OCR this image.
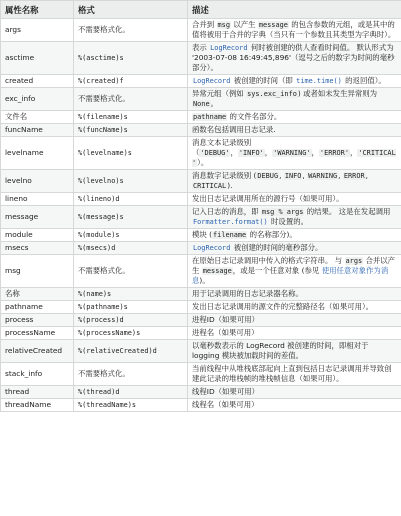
属性名称	格式	描述
args	不需要格式化。	合并到 msg 以产生 message 的包含参数的元组，或是其中的值将被用于合并的字典（当只有一个参数且其类型为字典时）。
asctime	%(asctime)s	表示 LogRecord 何时被创建的供人查看时间值。 默认形式为 '2003-07-08 16:49:45,896'（逗号之后的数字为时间的毫秒部分）。
created	%(created)f	LogRecord 被创建的时间（即 time.time() 的返回值）。
exc_info	不需要格式化。	异常元组（例如 sys.exc_info) 或者如未发生异常则为 None。
文件名	%(filename)s	pathname 的文件名部分。
funcName	%(funcName)s	函数名包括调用日志记录.
levelname	%(levelname)s	消息文本记录级别（'DEBUG'，'INFO'，'WARNING'，'ERROR'，'CRITICAL'）。
levelno	%(levelno)s	消息数字记录级别 (DEBUG, INFO, WARNING, ERROR, CRITICAL).
lineno	%(lineno)d	发出日志记录调用所在的源行号（如果可用）。
message	%(message)s	记入日志的消息，即 msg % args 的结果。 这是在发起调用 Formatter.format() 时设置的。
module	%(module)s	模块 (filename 的名称部分)。
msecs	%(msecs)d	LogRecord 被创建的时间的毫秒部分。
msg	不需要格式化。	在原始日志记录调用中传入的格式字符串。 与 args 合并以产生 message，或是一个任意对象 (参见 使用任意对象作为消息)。
名称	%(name)s	用于记录调用的日志记录器名称。
pathname	%(pathname)s	发出日志记录调用的源文件的完整路径名（如果可用）。
process	%(process)d	进程ID（如果可用）
processName	%(processName)s	进程名（如果可用）
relativeCreated	%(relativeCreated)d	以毫秒数表示的 LogRecord 被创建的时间，即相对于 logging 模块被加载时间的差值。
stack_info	不需要格式化。	当前线程中从堆栈底部起向上直到包括日志记录调用并导致创建此记录的堆栈帧的堆栈帧信息（如果可用）。
thread	%(thread)d	线程ID（如果可用）
threadName	%(threadName)s	线程名（如果可用）
